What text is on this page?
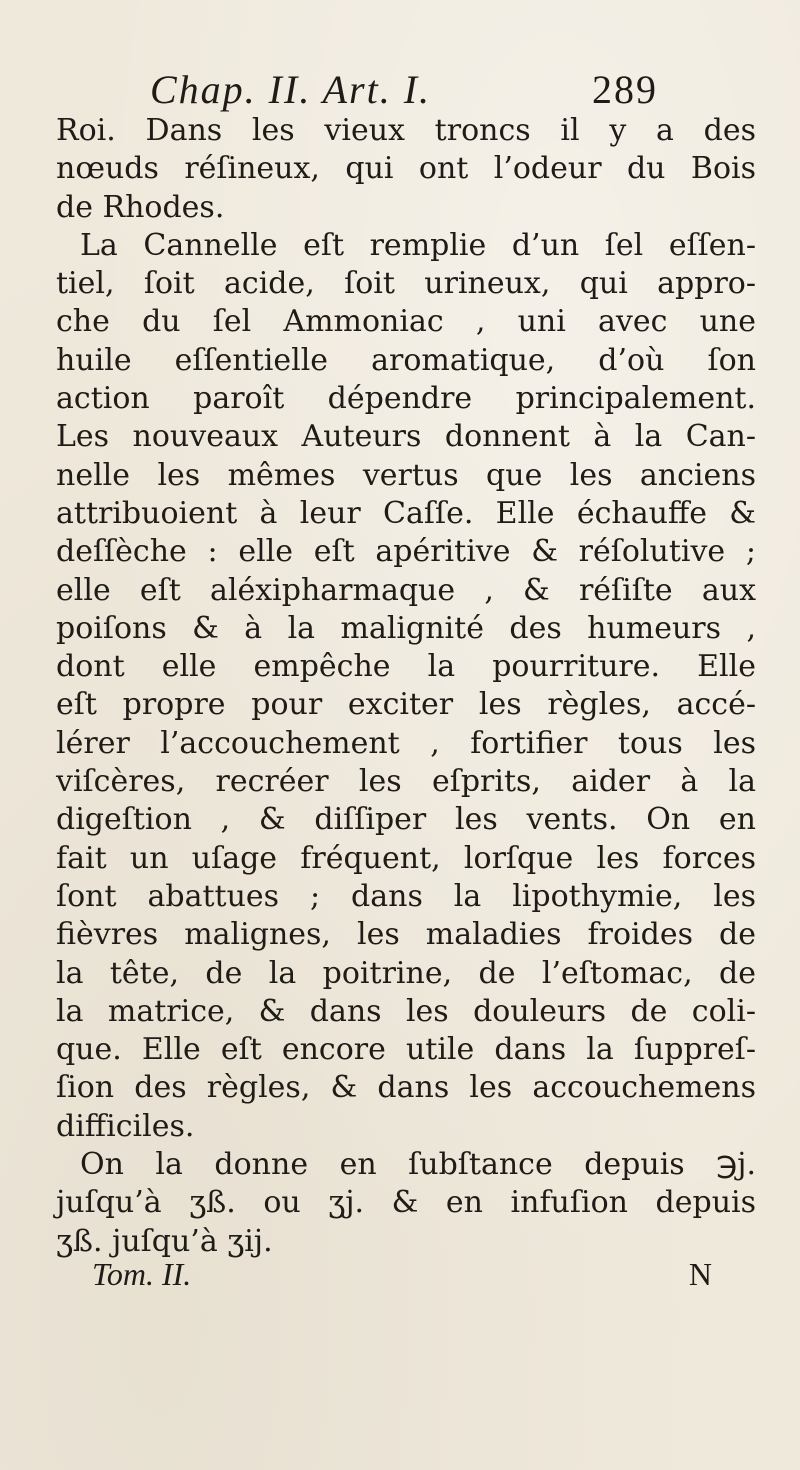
Chap. II. Art. I.	289
Roi. Dans les vieux troncs il y a des
nœuds réſineux, qui ont l’odeur du Bois
de Rhodes.
La Cannelle eſt remplie d’un ſel eſſen-
tiel, ſoit acide, ſoit urineux, qui appro-
che du ſel Ammoniac , uni avec une
huile eſſentielle aromatique, d’où ſon
action paroît dépendre principalement.
Les nouveaux Auteurs donnent à la Can-
nelle les mêmes vertus que les anciens
attribuoient à leur Caſſe. Elle échauffe &
deſſèche : elle eſt apéritive & réſolutive ;
elle eſt aléxipharmaque , & réſiſte aux
poiſons & à la malignité des humeurs ,
dont elle empêche la pourriture. Elle
eſt propre pour exciter les règles, accé-
lérer l’accouchement , fortifier tous les
viſcères, recréer les eſprits, aider à la
digeſtion , & diſſiper les vents. On en
fait un uſage fréquent, lorſque les forces
ſont abattues ; dans la lipothymie, les
fièvres malignes, les maladies froides de
la tête, de la poitrine, de l’eſtomac, de
la matrice, & dans les douleurs de coli-
que. Elle eſt encore utile dans la ſuppreſ-
ſion des règles, & dans les accouchemens
difficiles.
On la donne en ſubſtance depuis ℈j.
juſqu’à ʒß. ou ʒj. & en infuſion depuis
ʒß. juſqu’à ʒij.
Tom. II.	N
